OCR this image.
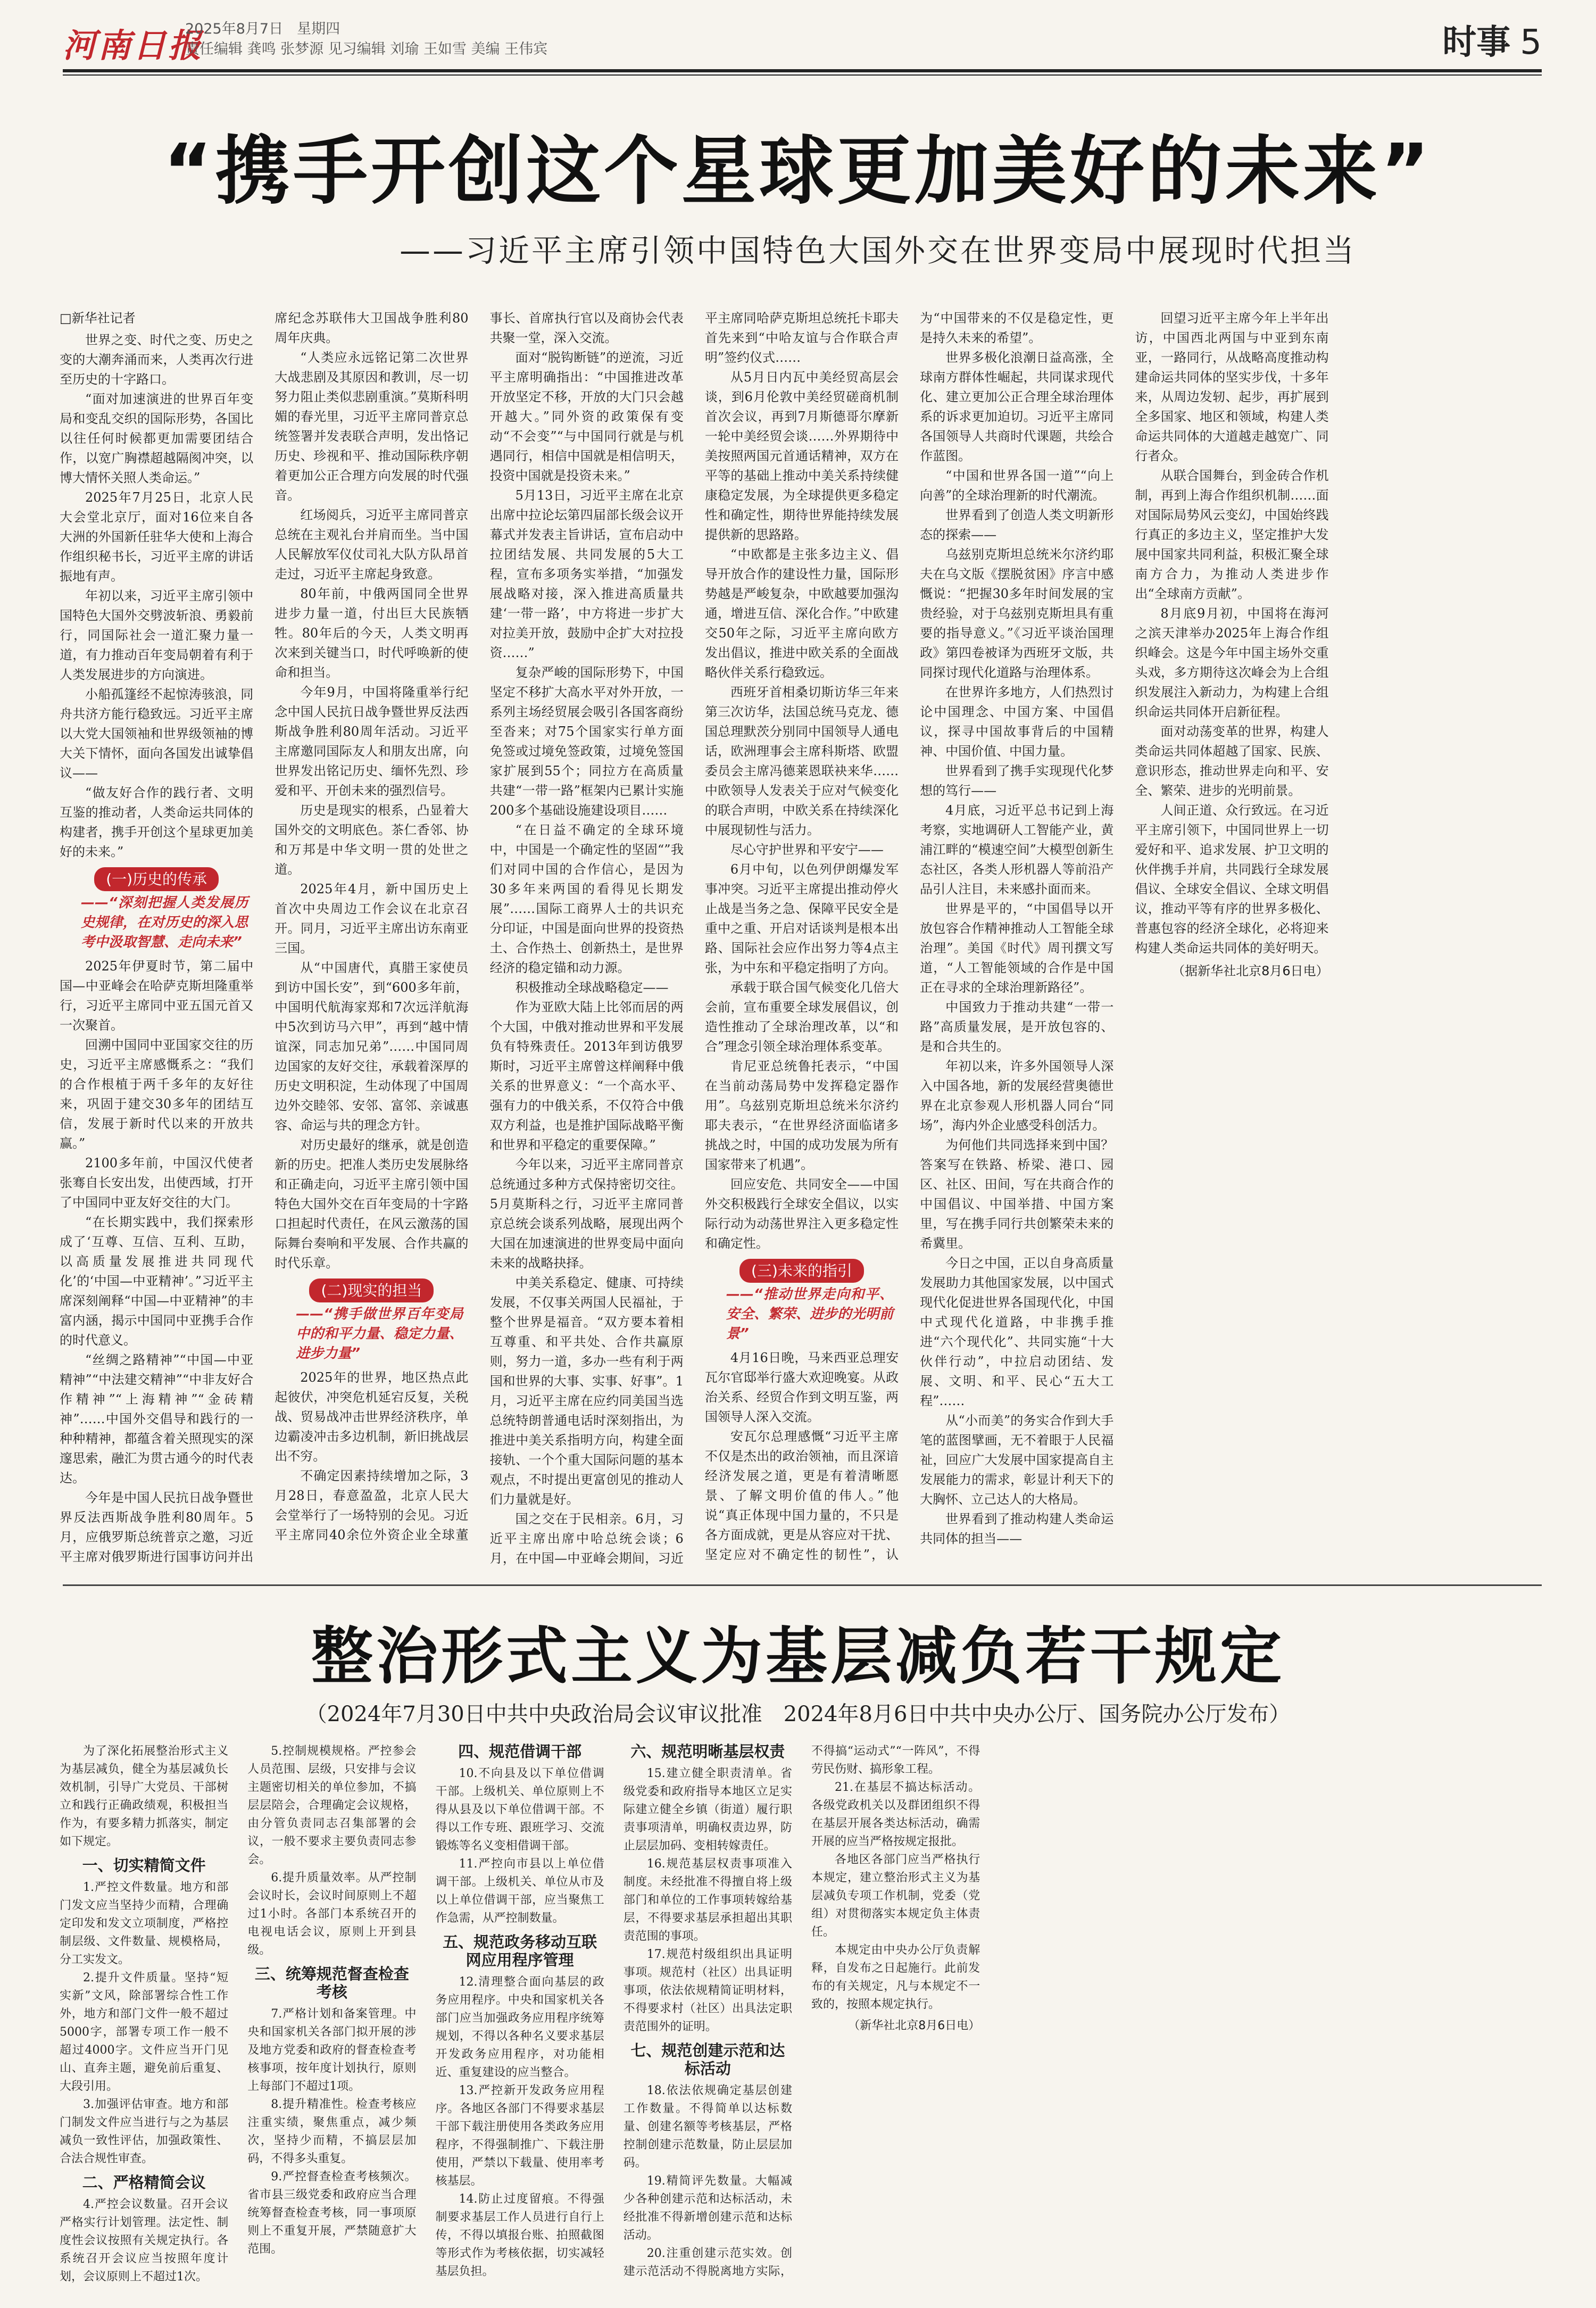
河南日报
2025年8月7日 星期四
责任编辑 龚鸣 张梦源 见习编辑 刘瑜 王如雪 美编 王伟宾	时事 5
“携手开创这个星球更加美好的未来”
——习近平主席引领中国特色大国外交在世界变局中展现时代担当

□新华社记者

世界之变、时代之变、历史之变的大潮奔涌而来，人类再次行进至历史的十字路口。

“面对加速演进的世界百年变局和变乱交织的国际形势，各国比以往任何时候都更加需要团结合作，以宽广胸襟超越隔阂冲突，以博大情怀关照人类命运。”

2025年7月25日，北京人民大会堂北京厅，面对16位来自各大洲的外国新任驻华大使和上海合作组织秘书长，习近平主席的讲话振地有声。

年初以来，习近平主席引领中国特色大国外交劈波斩浪、勇毅前行，同国际社会一道汇聚力量一道，有力推动百年变局朝着有利于人类发展进步的方向演进。

小船孤篷经不起惊涛骇浪，同舟共济方能行稳致远。习近平主席以大党大国领袖和世界级领袖的博大关下情怀，面向各国发出诚挚倡议——

“做友好合作的践行者、文明互鉴的推动者，人类命运共同体的构建者，携手开创这个星球更加美好的未来。”

(一)历史的传承
——“深刻把握人类发展历史规律，在对历史的深入思考中汲取智慧、走向未来”

2025年伊夏时节，第二届中国—中亚峰会在哈萨克斯坦隆重举行，习近平主席同中亚五国元首又一次聚首。

回溯中国同中亚国家交往的历史，习近平主席感慨系之：“我们的合作根植于两千多年的友好往来，巩固于建交30多年的团结互信，发展于新时代以来的开放共赢。”

2100多年前，中国汉代使者张骞自长安出发，出使西域，打开了中国同中亚友好交往的大门。

“在长期实践中，我们探索形成了‘互尊、互信、互利、互助，以高质量发展推进共同现代化’的‘中国—中亚精神’。”习近平主席深刻阐释“中国—中亚精神”的丰富内涵，揭示中国同中亚携手合作的时代意义。

“丝绸之路精神”“中国—中亚精神”“中法建交精神”“中非友好合作精神”“上海精神”“金砖精神”……中国外交倡导和践行的一种种精神，都蕴含着关照现实的深邃思索，融汇为贯古通今的时代表达。

今年是中国人民抗日战争暨世界反法西斯战争胜利80周年。5月，应俄罗斯总统普京之邀，习近平主席对俄罗斯进行国事访问并出席纪念苏联伟大卫国战争胜利80周年庆典。

“人类应永远铭记第二次世界大战悲剧及其原因和教训，尽一切努力阻止类似悲剧重演。”莫斯科明媚的春光里，习近平主席同普京总统签署并发表联合声明，发出恪记历史、珍视和平、推动国际秩序朝着更加公正合理方向发展的时代强音。

红场阅兵，习近平主席同普京总统在主观礼台并肩而坐。当中国人民解放军仪仗司礼大队方队昂首走过，习近平主席起身致意。

80年前，中俄两国同全世界进步力量一道，付出巨大民族牺牲。80年后的今天，人类文明再次来到关键当口，时代呼唤新的使命和担当。

今年9月，中国将隆重举行纪念中国人民抗日战争暨世界反法西斯战争胜利80周年活动。习近平主席邀同国际友人和朋友出席，向世界发出铭记历史、缅怀先烈、珍爱和平、开创未来的强烈信号。

历史是现实的根系，凸显着大国外交的文明底色。茶仁香邻、协和万邦是中华文明一贯的处世之道。

2025年4月，新中国历史上首次中央周边工作会议在北京召开。同月，习近平主席出访东南亚三国。

从“中国唐代，真腊王家使员到访中国长安”，到“600多年前，中国明代航海家郑和7次远洋航海中5次到访马六甲”，再到“越中情谊深，同志加兄弟”……中国同周边国家的友好交往，承载着深厚的历史文明积淀，生动体现了中国周边外交睦邻、安邻、富邻、亲诚惠容、命运与共的理念方针。

对历史最好的继承，就是创造新的历史。把准人类历史发展脉络和正确走向，习近平主席引领中国特色大国外交在百年变局的十字路口担起时代责任，在风云激荡的国际舞台奏响和平发展、合作共赢的时代乐章。

(二)现实的担当
——“携手做世界百年变局中的和平力量、稳定力量、进步力量”

2025年的世界，地区热点此起彼伏，冲突危机延宕反复，关税战、贸易战冲击世界经济秩序，单边霸凌冲击多边机制，新旧挑战层出不穷。

不确定因素持续增加之际，3月28日，春意盈盈，北京人民大会堂举行了一场特别的会见。习近平主席同40余位外资企业全球董事长、首席执行官以及商协会代表共聚一堂，深入交流。

面对“脱钩断链”的逆流，习近平主席明确指出：“中国推进改革开放坚定不移，开放的大门只会越开越大。”同外资的政策保有变动“不会变”“与中国同行就是与机遇同行，相信中国就是相信明天，投资中国就是投资未来。”

5月13日，习近平主席在北京出席中拉论坛第四届部长级会议开幕式并发表主旨讲话，宣布启动中拉团结发展、共同发展的5大工程，宣布多项务实举措，“加强发展战略对接，深入推进高质量共建‘一带一路’，中方将进一步扩大对拉美开放，鼓励中企扩大对拉投资……”

复杂严峻的国际形势下，中国坚定不移扩大高水平对外开放，一系列主场经贸展会吸引各国客商纷至沓来；对75个国家实行单方面免签或过境免签政策，过境免签国家扩展到55个；同拉方在高质量共建“一带一路”框架内已累计实施200多个基础设施建设项目……

“在日益不确定的全球环境中，中国是一个确定性的坚固“”我们对同中国的合作信心，是因为30多年来两国的看得见长期发展”……国际工商界人士的共识充分印证，中国是面向世界的投资热土、合作热土、创新热土，是世界经济的稳定锚和动力源。

积极推动全球战略稳定——

作为亚欧大陆上比邻而居的两个大国，中俄对推动世界和平发展负有特殊责任。2013年到访俄罗斯时，习近平主席曾这样阐释中俄关系的世界意义：“一个高水平、强有力的中俄关系，不仅符合中俄双方利益，也是推护国际战略平衡和世界和平稳定的重要保障。”

今年以来，习近平主席同普京总统通过多种方式保持密切交往。5月莫斯科之行，习近平主席同普京总统会谈系列战略，展现出两个大国在加速演进的世界变局中面向未来的战略抉择。

中美关系稳定、健康、可持续发展，不仅事关两国人民福祉，于整个世界是福音。“双方要本着相互尊重、和平共处、合作共赢原则，努力一道，多办一些有利于两国和世界的大事、实事、好事”。1月，习近平主席在应约同美国当选总统特朗普通电话时深刻指出，为推进中美关系指明方向，构建全面接轨、一个个重大国际问题的基本观点，不时提出更富创见的推动人们力量就是好。

国之交在于民相亲。6月，习近平主席出席中哈总统会谈；6月，在中国—中亚峰会期间，习近平主席同哈萨克斯坦总统托卡耶夫首先来到“中哈友谊与合作联合声明”签约仪式……

从5月日内瓦中美经贸高层会谈，到6月伦敦中美经贸磋商机制首次会议，再到7月斯德哥尔摩新一轮中美经贸会谈……外界期待中美按照两国元首通话精神，双方在平等的基础上推动中美关系持续健康稳定发展，为全球提供更多稳定性和确定性，期待世界能持续发展提供新的思路路。

“中欧都是主张多边主义、倡导开放合作的建设性力量，国际形势越是严峻复杂，中欧越要加强沟通，增进互信、深化合作。”中欧建交50年之际，习近平主席向欧方发出倡议，推进中欧关系的全面战略伙伴关系行稳致远。

西班牙首相桑切斯访华三年来第三次访华，法国总统马克龙、德国总理默茨分别同中国领导人通电话，欧洲理事会主席科斯塔、欧盟委员会主席冯德莱恩联袂来华……中欧领导人发表关于应对气候变化的联合声明，中欧关系在持续深化中展现韧性与活力。

尽心守护世界和平安宁——

6月中旬，以色列伊朗爆发军事冲突。习近平主席提出推动停火止战是当务之急、保障平民安全是重中之重、开启对话谈判是根本出路、国际社会应作出努力等4点主张，为中东和平稳定指明了方向。

承载于联合国气候变化几倍大会前，宣布重要全球发展倡议，创造性推动了全球治理改革，以“和合”理念引领全球治理体系变革。

肯尼亚总统鲁托表示，“中国在当前动荡局势中发挥稳定器作用”。乌兹别克斯坦总统米尔济约耶夫表示，“在世界经济面临诸多挑战之时，中国的成功发展为所有国家带来了机遇”。

回应安危、共同安全——中国外交积极践行全球安全倡议，以实际行动为动荡世界注入更多稳定性和确定性。

(三)未来的指引
——“推动世界走向和平、安全、繁荣、进步的光明前景”

4月16日晚，马来西亚总理安瓦尔官邸举行盛大欢迎晚宴。从政治关系、经贸合作到文明互鉴，两国领导人深入交流。

安瓦尔总理感慨“习近平主席不仅是杰出的政治领袖，而且深谙经济发展之道，更是有着清晰愿景、了解文明价值的伟人。”他说“真正体现中国力量的，不只是各方面成就，更是从容应对干扰、坚定应对不确定性的韧性”，认为“中国带来的不仅是稳定性，更是持久未来的希望”。

世界多极化浪潮日益高涨，全球南方群体性崛起，共同谋求现代化、建立更加公正合理全球治理体系的诉求更加迫切。习近平主席同各国领导人共商时代课题，共绘合作蓝图。

“中国和世界各国一道”“向上向善”的全球治理新的时代潮流。

世界看到了创造人类文明新形态的探索——

乌兹别克斯坦总统米尔济约耶夫在乌文版《摆脱贫困》序言中感慨说：“把握30多年时间发展的宝贵经验，对于乌兹别克斯坦具有重要的指导意义。”《习近平谈治国理政》第四卷被译为西班牙文版，共同探讨现代化道路与治理体系。

在世界许多地方，人们热烈讨论中国理念、中国方案、中国倡议，探寻中国故事背后的中国精神、中国价值、中国力量。

世界看到了携手实现现代化梦想的笃行——

4月底，习近平总书记到上海考察，实地调研人工智能产业，黄浦江畔的“模速空间”大模型创新生态社区，各类人形机器人等前沿产品引人注目，未来感扑面而来。

世界是平的，“中国倡导以开放包容合作精神推动人工智能全球治理”。美国《时代》周刊撰文写道，“人工智能领域的合作是中国正在寻求的全球治理新路径”。

中国致力于推动共建“一带一路”高质量发展，是开放包容的、是和合共生的。

年初以来，许多外国领导人深入中国各地，新的发展经营奥德世界在北京参观人形机器人同台“同场”，海内外企业感受科创活力。

为何他们共同选择来到中国？答案写在铁路、桥梁、港口、园区、社区、田间，写在共商合作的中国倡议、中国举措、中国方案里，写在携手同行共创繁荣未来的希冀里。

今日之中国，正以自身高质量发展助力其他国家发展，以中国式现代化促进世界各国现代化，中国中式现代化道路，中非携手推进“六个现代化”、共同实施“十大伙伴行动”，中拉启动团结、发展、文明、和平、民心“五大工程”……

从“小而美”的务实合作到大手笔的蓝图擘画，无不着眼于人民福祉，回应广大发展中国家提高自主发展能力的需求，彰显计利天下的大胸怀、立己达人的大格局。

世界看到了推动构建人类命运共同体的担当——

回望习近平主席今年上半年出访，中国西北两国与中亚到东南亚，一路同行，从战略高度推动构建命运共同体的坚实步伐，十多年来，从周边发轫、起步，再扩展到全多国家、地区和领域，构建人类命运共同体的大道越走越宽广、同行者众。

从联合国舞台，到金砖合作机制，再到上海合作组织机制……面对国际局势风云变幻，中国始终践行真正的多边主义，坚定推护大发展中国家共同利益，积极汇聚全球南方合力，为推动人类进步作出“全球南方贡献”。

8月底9月初，中国将在海河之滨天津举办2025年上海合作组织峰会。这是今年中国主场外交重头戏，多方期待这次峰会为上合组织发展注入新动力，为构建上合组织命运共同体开启新征程。

面对动荡变革的世界，构建人类命运共同体超越了国家、民族、意识形态，推动世界走向和平、安全、繁荣、进步的光明前景。

人间正道、众行致远。在习近平主席引领下，中国同世界上一切爱好和平、追求发展、护卫文明的伙伴携手并肩，共同践行全球发展倡议、全球安全倡议、全球文明倡议，推动平等有序的世界多极化、普惠包容的经济全球化，必将迎来构建人类命运共同体的美好明天。

（据新华社北京8月6日电）

整治形式主义为基层减负若干规定
（2024年7月30日中共中央政治局会议审议批准　2024年8月6日中共中央办公厅、国务院办公厅发布）

为了深化拓展整治形式主义为基层减负，健全为基层减负长效机制，引导广大党员、干部树立和践行正确政绩观，积极担当作为，有要多精力抓落实，制定如下规定。

一、切实精简文件

1.严控文件数量。地方和部门发文应当坚持少而精，合理确定印发和发文立项制度，严格控制层级、文件数量、规模格局，分工实发文。

2.提升文件质量。坚持“短实新”文风，除部署综合性工作外，地方和部门文件一般不超过5000字，部署专项工作一般不超过4000字。文件应当开门见山、直奔主题，避免前后重复、大段引用。

3.加强评估审查。地方和部门制发文件应当进行与之为基层减负一致性评估，加强政策性、合法合规性审查。

二、严格精简会议

4.严控会议数量。召开会议严格实行计划管理。法定性、制度性会议按照有关规定执行。各系统召开会议应当按照年度计划，会议原则上不超过1次。

5.控制规模规格。严控参会人员范围、层级，只安排与会议主题密切相关的单位参加，不搞层层陪会，合理确定会议规格，由分管负责同志召集部署的会议，一般不要求主要负责同志参会。

6.提升质量效率。从严控制会议时长，会议时间原则上不超过1小时。各部门本系统召开的电视电话会议，原则上开到县级。

三、统筹规范督查检查考核

7.严格计划和备案管理。中央和国家机关各部门拟开展的涉及地方党委和政府的督查检查考核事项，按年度计划执行，原则上每部门不超过1项。

8.提升精准性。检查考核应注重实绩，聚焦重点，减少频次，坚持少而精，不搞层层加码，不得多头重复。

9.严控督查检查考核频次。省市县三级党委和政府应当合理统筹督查检查考核，同一事项原则上不重复开展，严禁随意扩大范围。

四、规范借调干部

10.不向县及以下单位借调干部。上级机关、单位原则上不得从县及以下单位借调干部。不得以工作专班、跟班学习、交流锻炼等名义变相借调干部。

11.严控向市县以上单位借调干部。上级机关、单位从市及以上单位借调干部，应当聚焦工作急需，从严控制数量。

五、规范政务移动互联网应用程序管理

12.清理整合面向基层的政务应用程序。中央和国家机关各部门应当加强政务应用程序统筹规划，不得以各种名义要求基层开发政务应用程序，对功能相近、重复建设的应当整合。

13.严控新开发政务应用程序。各地区各部门不得要求基层干部下载注册使用各类政务应用程序，不得强制推广、下载注册使用，严禁以下载量、使用率考核基层。

14.防止过度留痕。不得强制要求基层工作人员进行自行上传，不得以填报台账、拍照截图等形式作为考核依据，切实减轻基层负担。

六、规范明晰基层权责

15.建立健全职责清单。省级党委和政府指导本地区立足实际建立健全乡镇（街道）履行职责事项清单，明确权责边界，防止层层加码、变相转嫁责任。

16.规范基层权责事项准入制度。未经批准不得擅自将上级部门和单位的工作事项转嫁给基层，不得要求基层承担超出其职责范围的事项。

17.规范村级组织出具证明事项。规范村（社区）出具证明事项，依法依规精简证明材料，不得要求村（社区）出具法定职责范围外的证明。

七、规范创建示范和达标活动

18.依法依规确定基层创建工作数量。不得简单以达标数量、创建名额等考核基层，严格控制创建示范数量，防止层层加码。

19.精简评先数量。大幅减少各种创建示范和达标活动，未经批准不得新增创建示范和达标活动。

20.注重创建示范实效。创建示范活动不得脱离地方实际，不得搞“运动式”“一阵风”，不得劳民伤财、搞形象工程。

21.在基层不搞达标活动。各级党政机关以及群团组织不得在基层开展各类达标活动，确需开展的应当严格按规定报批。

各地区各部门应当严格执行本规定，建立整治形式主义为基层减负专项工作机制，党委（党组）对贯彻落实本规定负主体责任。

本规定由中央办公厅负责解释，自发布之日起施行。此前发布的有关规定，凡与本规定不一致的，按照本规定执行。

（新华社北京8月6日电）
